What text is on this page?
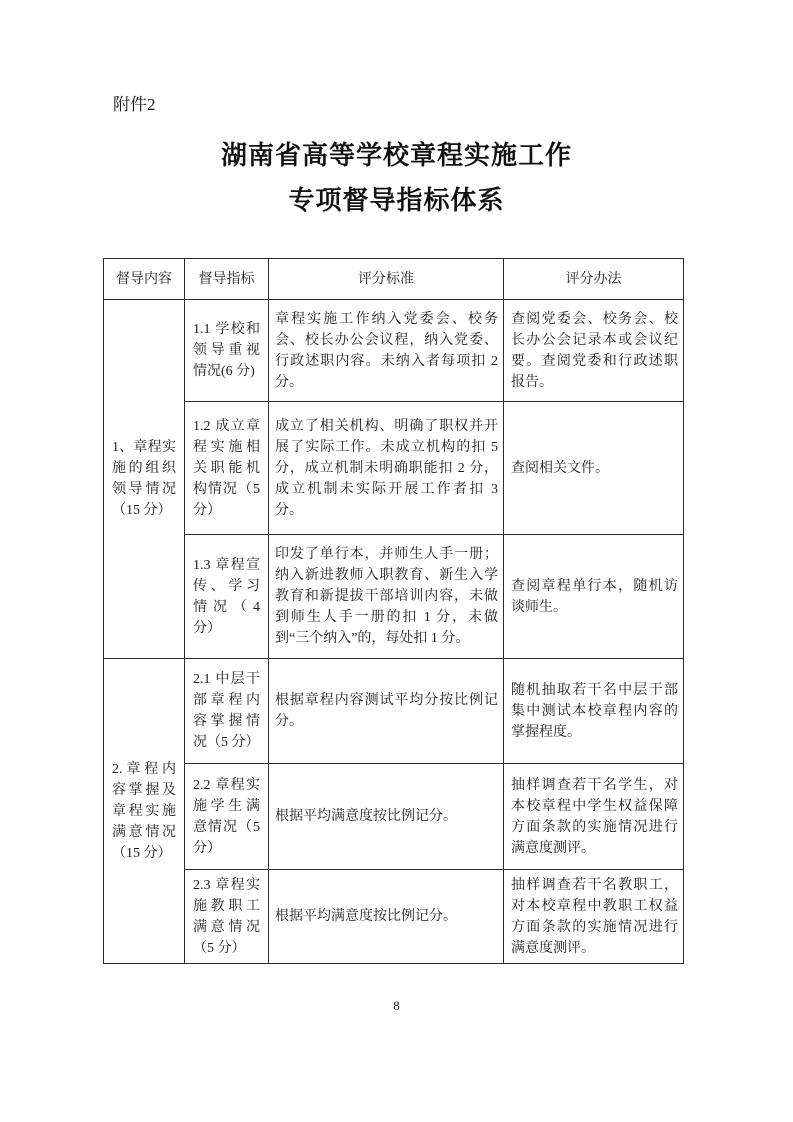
附件2
湖南省高等学校章程实施工作
专项督导指标体系
督导内容	督导指标	评分标准	评分办法
1、章程实施的组织领导情况（15 分）	1.1 学校和领导重视情况(6 分)	章程实施工作纳入党委会、校务会、校长办公会议程，纳入党委、行政述职内容。未纳入者每项扣 2 分。	查阅党委会、校务会、校长办公会记录本或会议纪要。查阅党委和行政述职报告。
	1.2 成立章程实施相关职能机构情况（5 分）	成立了相关机构、明确了职权并开展了实际工作。未成立机构的扣 5 分，成立机制未明确职能扣 2 分，成立机制未实际开展工作者扣 3 分。	查阅相关文件。
	1.3 章程宣传、学习情况（4 分）	印发了单行本，并师生人手一册；纳入新进教师入职教育、新生入学教育和新提拔干部培训内容，未做到师生人手一册的扣 1 分，未做到“三个纳入”的，每处扣 1 分。	查阅章程单行本，随机访谈师生。
2.章程内容掌握及章程实施满意情况（15 分）	2.1 中层干部章程内容掌握情况（5 分）	根据章程内容测试平均分按比例记分。	随机抽取若干名中层干部集中测试本校章程内容的掌握程度。
	2.2 章程实施学生满意情况（5 分）	根据平均满意度按比例记分。	抽样调查若干名学生，对本校章程中学生权益保障方面条款的实施情况进行满意度测评。
	2.3 章程实施教职工满意情况（5 分）	根据平均满意度按比例记分。	抽样调查若干名教职工，对本校章程中教职工权益方面条款的实施情况进行满意度测评。
8
